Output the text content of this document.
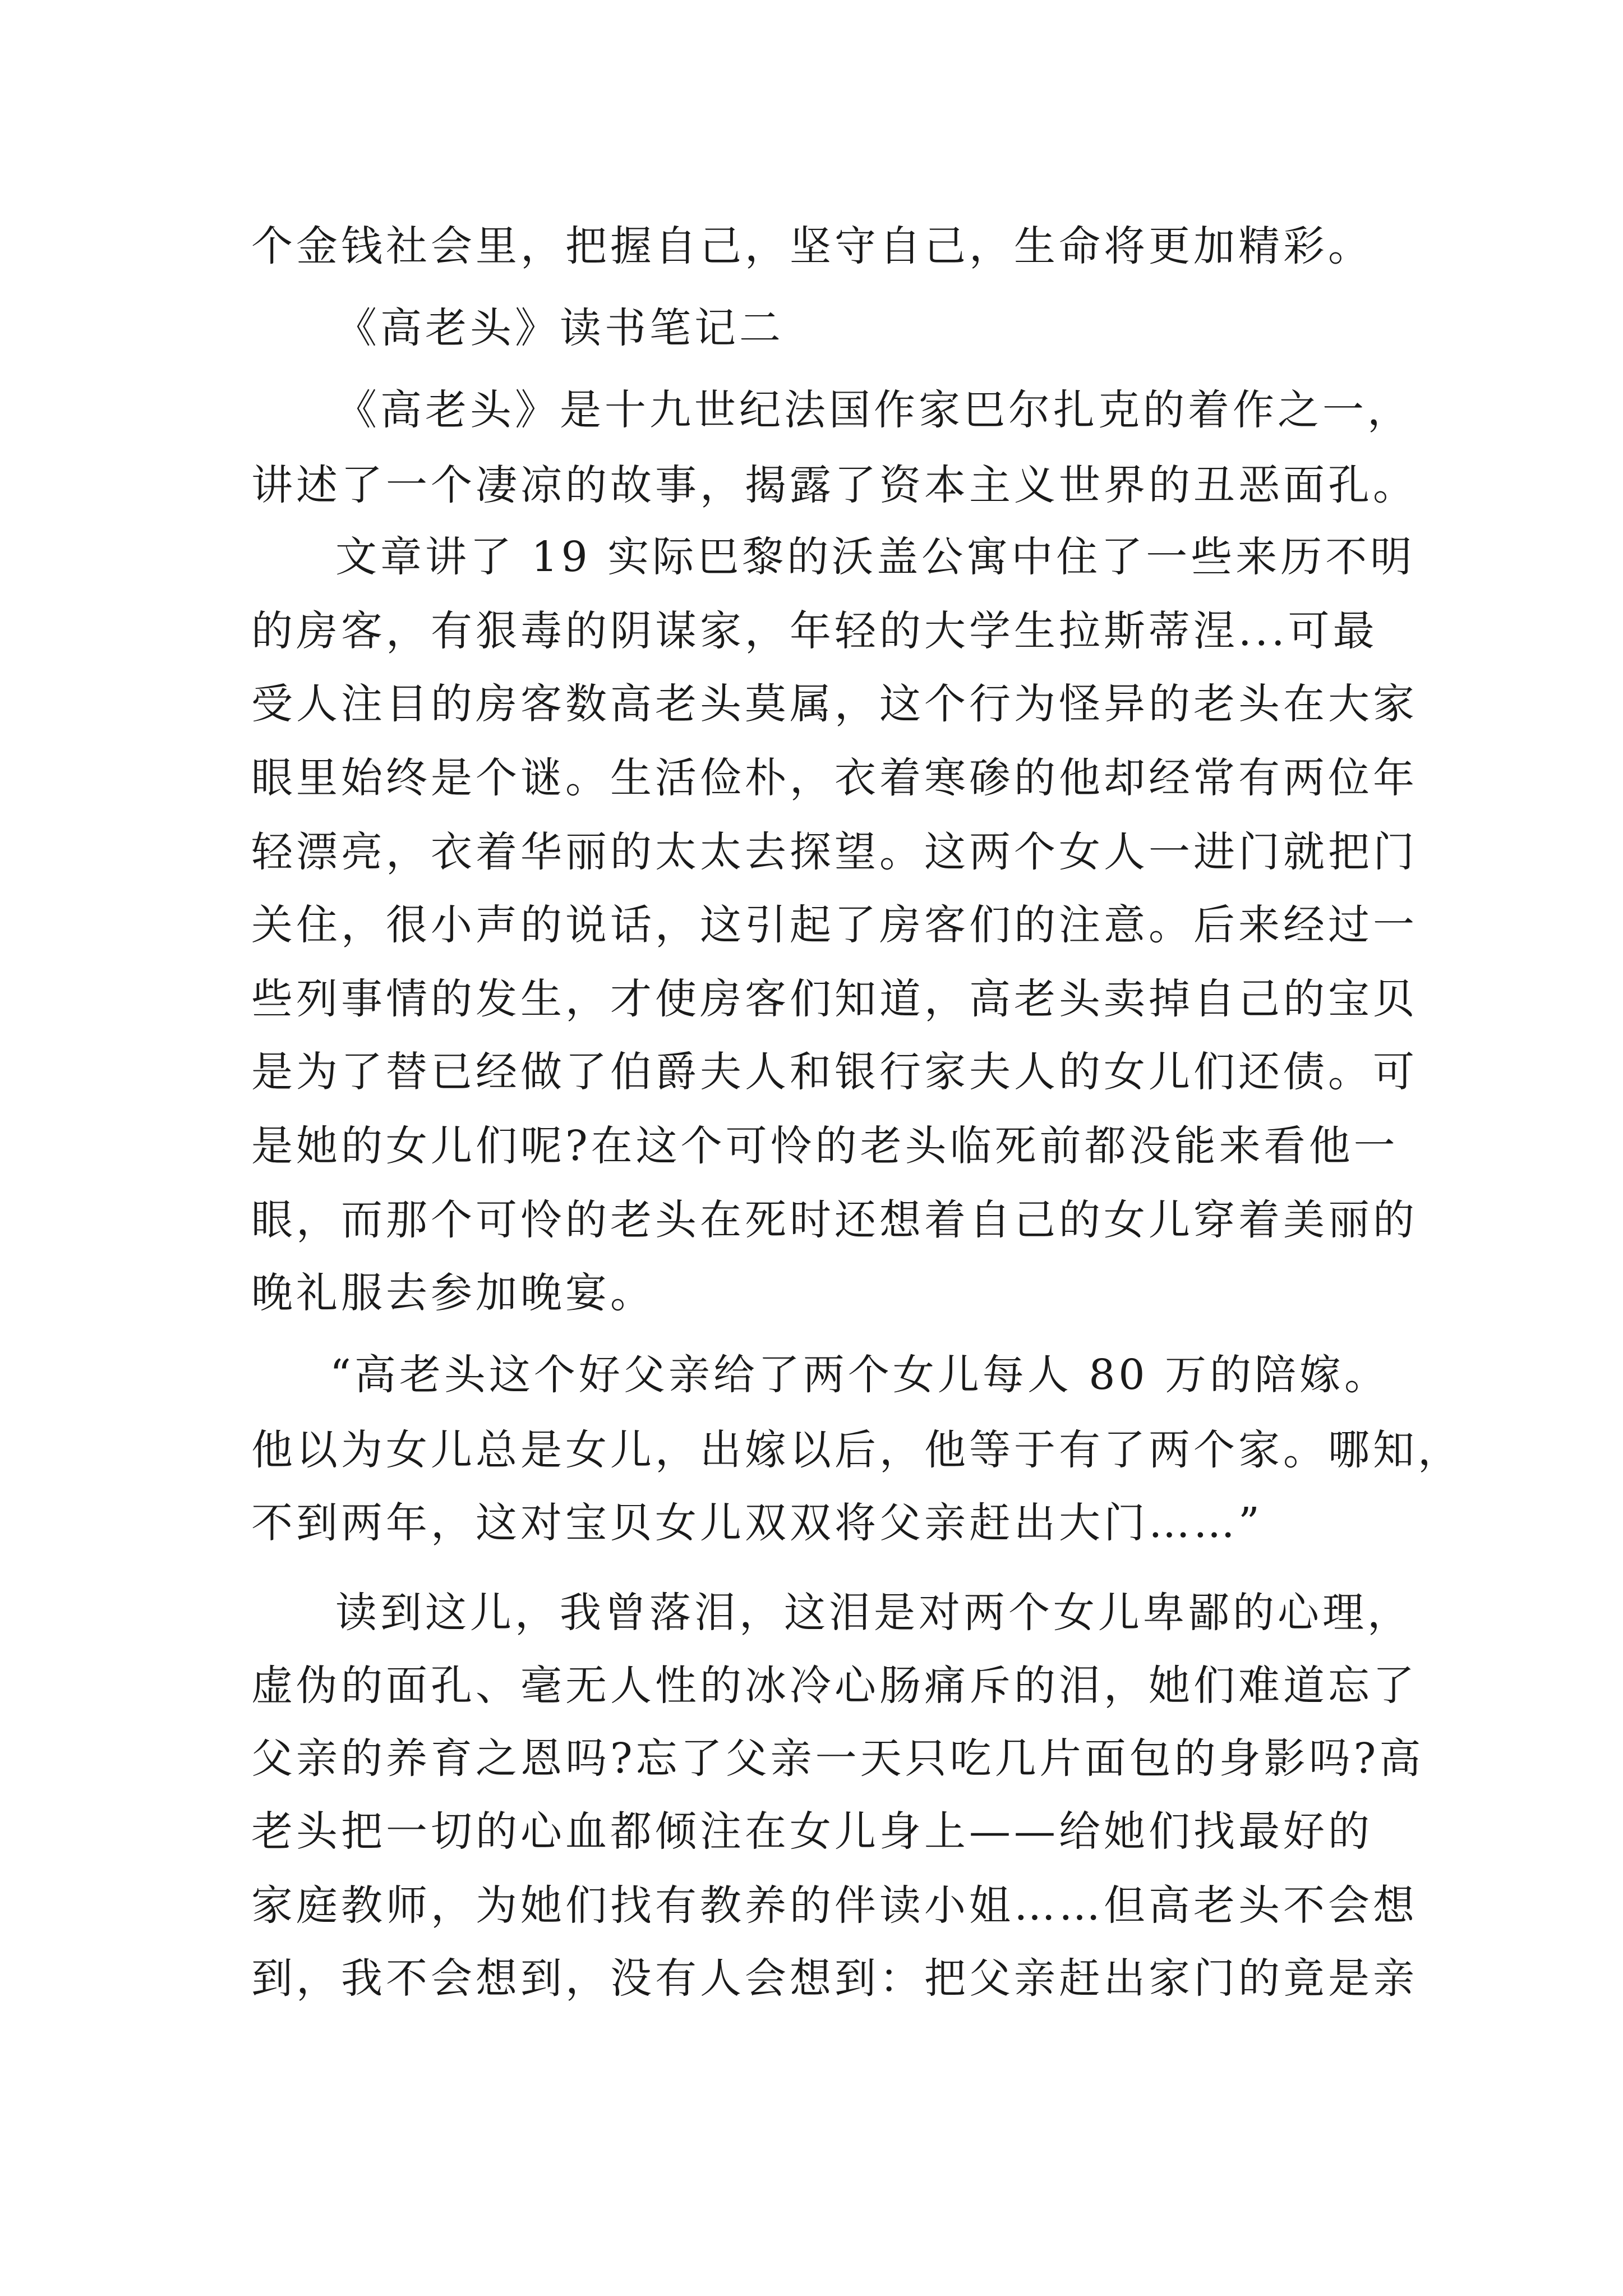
个金钱社会里，把握自己，坚守自己，生命将更加精彩。
《高老头》读书笔记二
《高老头》是十九世纪法国作家巴尔扎克的着作之一，
讲述了一个凄凉的故事，揭露了资本主义世界的丑恶面孔。
文章讲了 19 实际巴黎的沃盖公寓中住了一些来历不明
的房客，有狠毒的阴谋家，年轻的大学生拉斯蒂涅...可最
受人注目的房客数高老头莫属，这个行为怪异的老头在大家
眼里始终是个谜。生活俭朴，衣着寒碜的他却经常有两位年
轻漂亮，衣着华丽的太太去探望。这两个女人一进门就把门
关住，很小声的说话，这引起了房客们的注意。后来经过一
些列事情的发生，才使房客们知道，高老头卖掉自己的宝贝
是为了替已经做了伯爵夫人和银行家夫人的女儿们还债。可
是她的女儿们呢?在这个可怜的老头临死前都没能来看他一
眼，而那个可怜的老头在死时还想着自己的女儿穿着美丽的
晚礼服去参加晚宴。
“高老头这个好父亲给了两个女儿每人 80 万的陪嫁。
他以为女儿总是女儿，出嫁以后，他等于有了两个家。哪知，
不到两年，这对宝贝女儿双双将父亲赶出大门……”
读到这儿，我曾落泪，这泪是对两个女儿卑鄙的心理，
虚伪的面孔、毫无人性的冰冷心肠痛斥的泪，她们难道忘了
父亲的养育之恩吗?忘了父亲一天只吃几片面包的身影吗?高
老头把一切的心血都倾注在女儿身上——给她们找最好的
家庭教师，为她们找有教养的伴读小姐……但高老头不会想
到，我不会想到，没有人会想到：把父亲赶出家门的竟是亲
